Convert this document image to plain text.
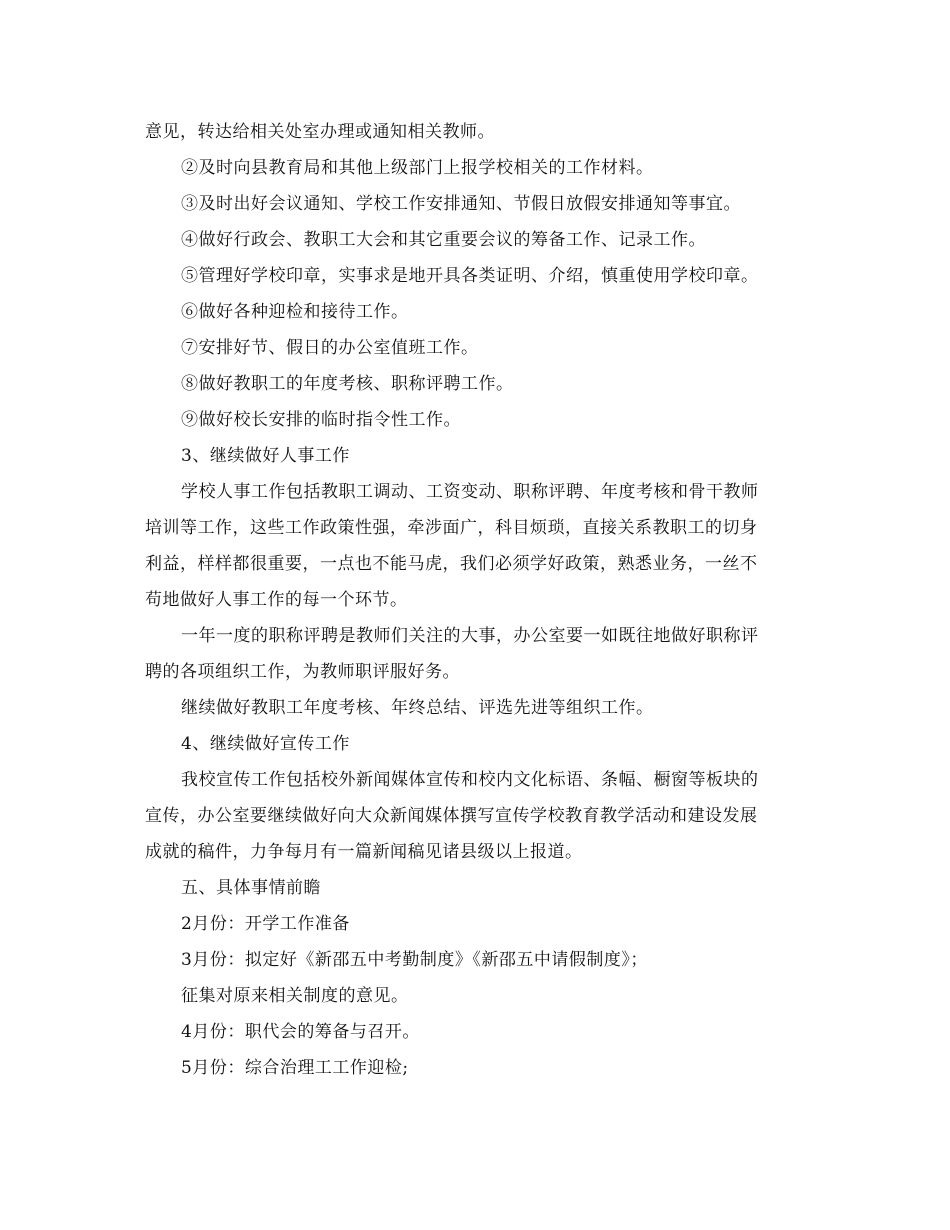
意见，转达给相关处室办理或通知相关教师。
②及时向县教育局和其他上级部门上报学校相关的工作材料。
③及时出好会议通知、学校工作安排通知、节假日放假安排通知等事宜。
④做好行政会、教职工大会和其它重要会议的筹备工作、记录工作。
⑤管理好学校印章，实事求是地开具各类证明、介绍，慎重使用学校印章。
⑥做好各种迎检和接待工作。
⑦安排好节、假日的办公室值班工作。
⑧做好教职工的年度考核、职称评聘工作。
⑨做好校长安排的临时指令性工作。
3、继续做好人事工作
学校人事工作包括教职工调动、工资变动、职称评聘、年度考核和骨干教师
培训等工作，这些工作政策性强，牵涉面广，科目烦琐，直接关系教职工的切身
利益，样样都很重要，一点也不能马虎，我们必须学好政策，熟悉业务，一丝不
苟地做好人事工作的每一个环节。
一年一度的职称评聘是教师们关注的大事，办公室要一如既往地做好职称评
聘的各项组织工作，为教师职评服好务。
继续做好教职工年度考核、年终总结、评选先进等组织工作。
4、继续做好宣传工作
我校宣传工作包括校外新闻媒体宣传和校内文化标语、条幅、橱窗等板块的
宣传，办公室要继续做好向大众新闻媒体撰写宣传学校教育教学活动和建设发展
成就的稿件，力争每月有一篇新闻稿见诸县级以上报道。
五、具体事情前瞻
2月份：开学工作准备
3月份：拟定好《新邵五中考勤制度》《新邵五中请假制度》；
征集对原来相关制度的意见。
4月份：职代会的筹备与召开。
5月份：综合治理工工作迎检;
